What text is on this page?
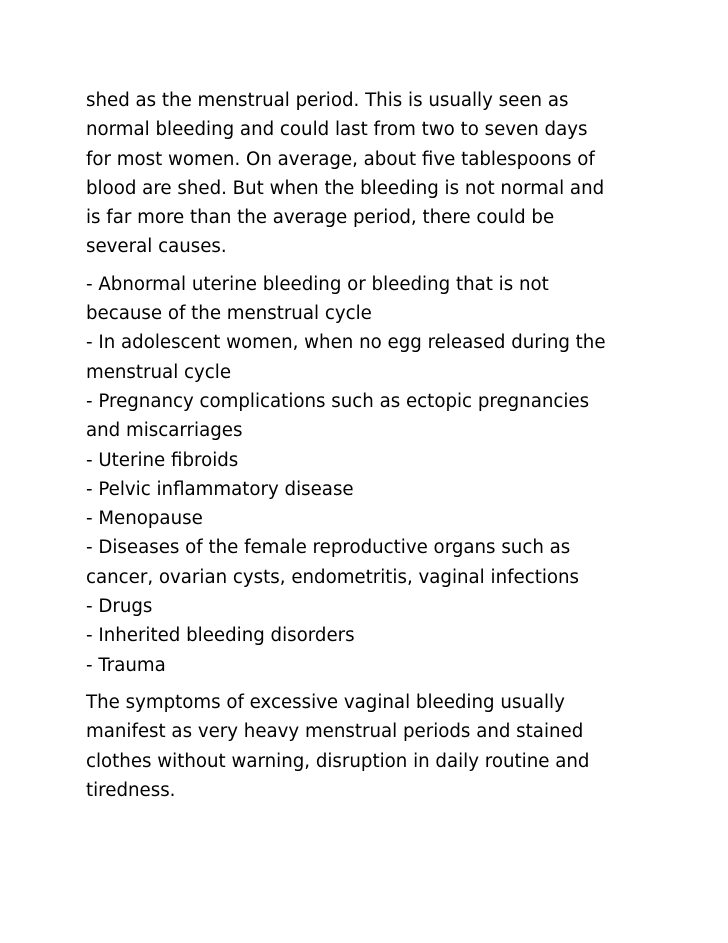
shed as the menstrual period. This is usually seen as
normal bleeding and could last from two to seven days
for most women. On average, about five tablespoons of
blood are shed. But when the bleeding is not normal and
is far more than the average period, there could be
several causes.

- Abnormal uterine bleeding or bleeding that is not
because of the menstrual cycle
- In adolescent women, when no egg released during the
menstrual cycle
- Pregnancy complications such as ectopic pregnancies
and miscarriages
- Uterine fibroids
- Pelvic inflammatory disease
- Menopause
- Diseases of the female reproductive organs such as
cancer, ovarian cysts, endometritis, vaginal infections
- Drugs
- Inherited bleeding disorders
- Trauma

The symptoms of excessive vaginal bleeding usually
manifest as very heavy menstrual periods and stained
clothes without warning, disruption in daily routine and
tiredness.
